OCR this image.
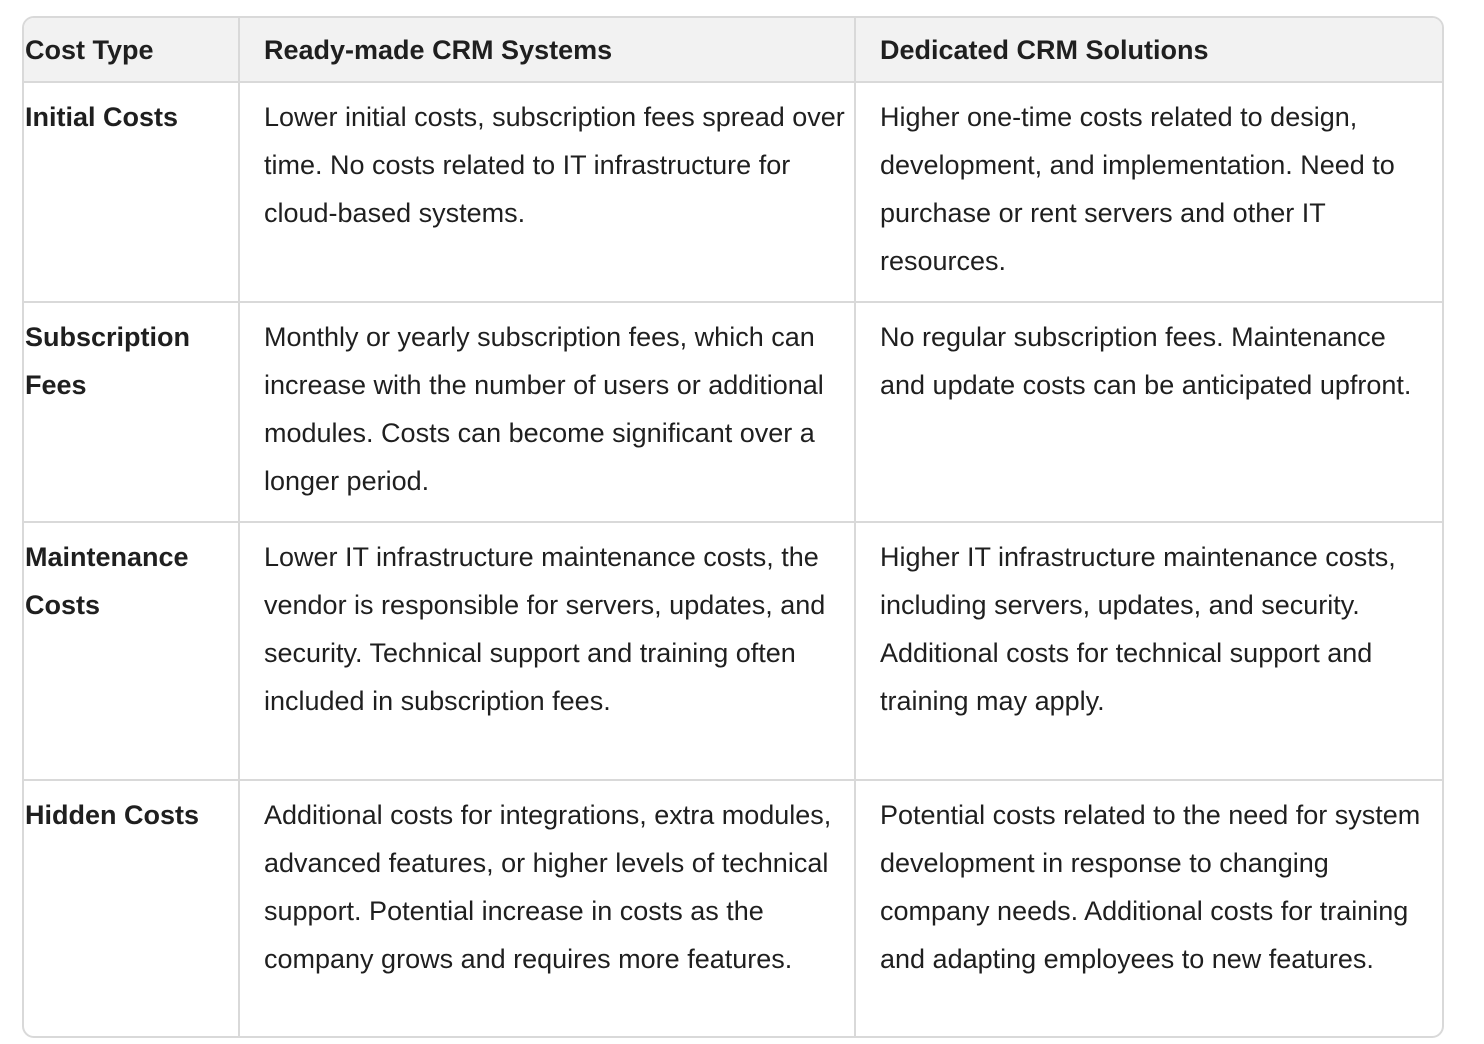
Cost Type	Ready-made CRM Systems	Dedicated CRM Solutions
Initial Costs	Lower initial costs, subscription fees spread over time. No costs related to IT infrastructure for cloud-based systems.	Higher one-time costs related to design, development, and implementation. Need to purchase or rent servers and other IT resources.
Subscription Fees	Monthly or yearly subscription fees, which can increase with the number of users or additional modules. Costs can become significant over a longer period.	No regular subscription fees. Maintenance and update costs can be anticipated upfront.
Maintenance Costs	Lower IT infrastructure maintenance costs, the vendor is responsible for servers, updates, and security. Technical support and training often included in subscription fees.	Higher IT infrastructure maintenance costs, including servers, updates, and security. Additional costs for technical support and training may apply.
Hidden Costs	Additional costs for integrations, extra modules, advanced features, or higher levels of technical support. Potential increase in costs as the company grows and requires more features.	Potential costs related to the need for system development in response to changing company needs. Additional costs for training and adapting employees to new features.
